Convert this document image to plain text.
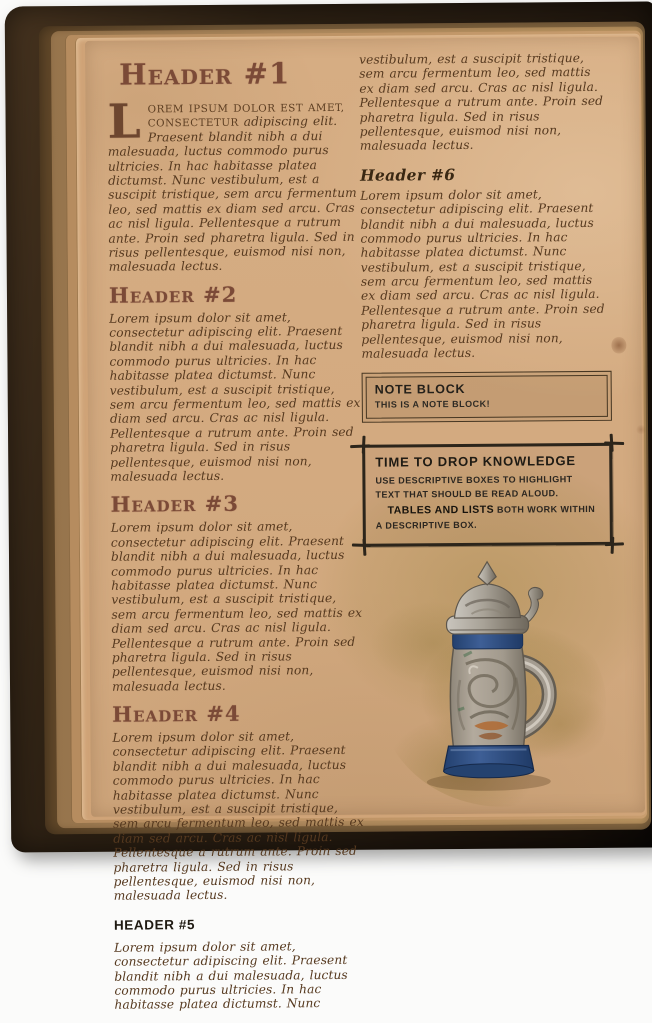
Header #1

LOREM IPSUM DOLOR EST AMET, CONSECTETUR adipiscing elit. Praesent blandit nibh a dui malesuada, luctus commodo purus ultricies. In hac habitasse platea dictumst. Nunc vestibulum, est a suscipit tristique, sem arcu fermentum leo, sed mattis ex diam sed arcu. Cras ac nisl ligula. Pellentesque a rutrum ante. Proin sed pharetra ligula. Sed in risus pellentesque, euismod nisi non, malesuada lectus.

Header #2

Lorem ipsum dolor sit amet, consectetur adipiscing elit. Praesent blandit nibh a dui malesuada, luctus commodo purus ultricies. In hac habitasse platea dictumst. Nunc vestibulum, est a suscipit tristique, sem arcu fermentum leo, sed mattis ex diam sed arcu. Cras ac nisl ligula. Pellentesque a rutrum ante. Proin sed pharetra ligula. Sed in risus pellentesque, euismod nisi non, malesuada lectus.

Header #3

Lorem ipsum dolor sit amet, consectetur adipiscing elit. Praesent blandit nibh a dui malesuada, luctus commodo purus ultricies. In hac habitasse platea dictumst. Nunc vestibulum, est a suscipit tristique, sem arcu fermentum leo, sed mattis ex diam sed arcu. Cras ac nisl ligula. Pellentesque a rutrum ante. Proin sed pharetra ligula. Sed in risus pellentesque, euismod nisi non, malesuada lectus.

Header #4

Lorem ipsum dolor sit amet, consectetur adipiscing elit. Praesent blandit nibh a dui malesuada, luctus commodo purus ultricies. In hac habitasse platea dictumst. Nunc vestibulum, est a suscipit tristique, sem arcu fermentum leo, sed mattis ex diam sed arcu. Cras ac nisl ligula. Pellentesque a rutrum ante. Proin sed pharetra ligula. Sed in risus pellentesque, euismod nisi non, malesuada lectus.

HEADER #5

Lorem ipsum dolor sit amet, consectetur adipiscing elit. Praesent blandit nibh a dui malesuada, luctus commodo purus ultricies. In hac habitasse platea dictumst. Nunc

vestibulum, est a suscipit tristique, sem arcu fermentum leo, sed mattis ex diam sed arcu. Cras ac nisl ligula. Pellentesque a rutrum ante. Proin sed pharetra ligula. Sed in risus pellentesque, euismod nisi non, malesuada lectus.

Header #6

Lorem ipsum dolor sit amet, consectetur adipiscing elit. Praesent blandit nibh a dui malesuada, luctus commodo purus ultricies. In hac habitasse platea dictumst. Nunc vestibulum, est a suscipit tristique, sem arcu fermentum leo, sed mattis ex diam sed arcu. Cras ac nisl ligula. Pellentesque a rutrum ante. Proin sed pharetra ligula. Sed in risus pellentesque, euismod nisi non, malesuada lectus.

NOTE BLOCK

THIS IS A NOTE BLOCK!

TIME TO DROP KNOWLEDGE

USE DESCRIPTIVE BOXES TO HIGHLIGHT TEXT THAT SHOULD BE READ ALOUD.

TABLES AND LISTS BOTH WORK WITHIN A DESCRIPTIVE BOX.
